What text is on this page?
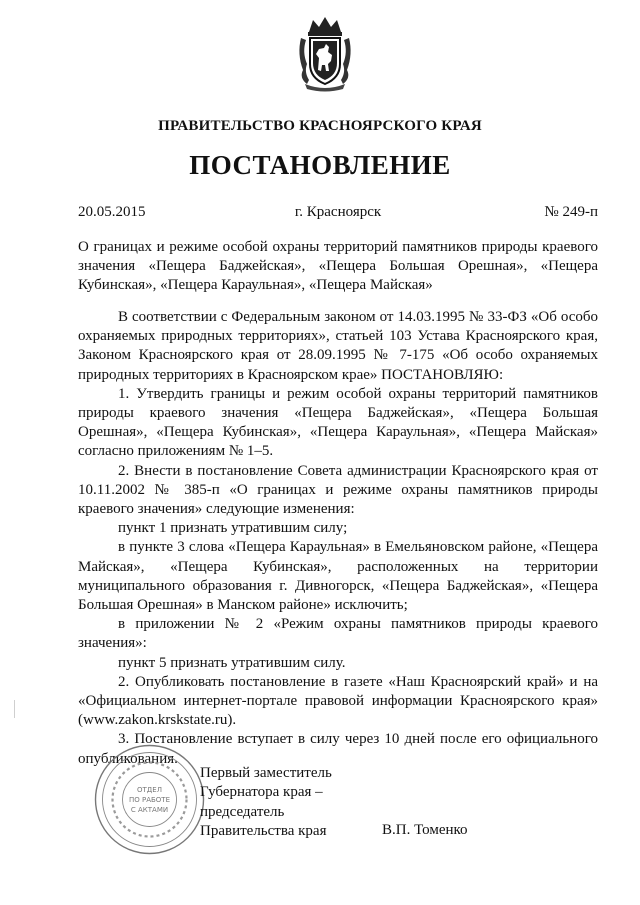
ПРАВИТЕЛЬСТВО КРАСНОЯРСКОГО КРАЯ
ПОСТАНОВЛЕНИЕ
20.05.2015	г. Красноярск	№ 249-п
О границах и режиме особой охраны территорий памятников природы краевого значения «Пещера Баджейская», «Пещера Большая Орешная», «Пещера Кубинская», «Пещера Караульная», «Пещера Майская»

В соответствии с Федеральным законом от 14.03.1995 № 33-ФЗ «Об особо охраняемых природных территориях», статьей 103 Устава Красноярского края, Законом Красноярского края от 28.09.1995 № 7-175 «Об особо охраняемых природных территориях в Красноярском крае» ПОСТАНОВЛЯЮ:

1. Утвердить границы и режим особой охраны территорий памятников природы краевого значения «Пещера Баджейская», «Пещера Большая Орешная», «Пещера Кубинская», «Пещера Караульная», «Пещера Майская» согласно приложениям № 1–5.

2. Внести в постановление Совета администрации Красноярского края от 10.11.2002 № 385-п «О границах и режиме охраны памятников природы краевого значения» следующие изменения:

пункт 1 признать утратившим силу;

в пункте 3 слова «Пещера Караульная» в Емельяновском районе, «Пещера Майская», «Пещера Кубинская», расположенных на территории муниципального образования г. Дивногорск, «Пещера Баджейская», «Пещера Большая Орешная» в Манском районе» исключить;

в приложении № 2 «Режим охраны памятников природы краевого значения»:

пункт 5 признать утратившим силу.

2. Опубликовать постановление в газете «Наш Красноярский край» и на «Официальном интернет-портале правовой информации Красноярского края» (www.zakon.krskstate.ru).

3. Постановление вступает в силу через 10 дней после его официального опубликования.

ОТДЕЛ
ПО РАБОТЕ
С АКТАМИ
Первый заместитель
Губернатора края –
председатель
Правительства края	В.П. Томенко
